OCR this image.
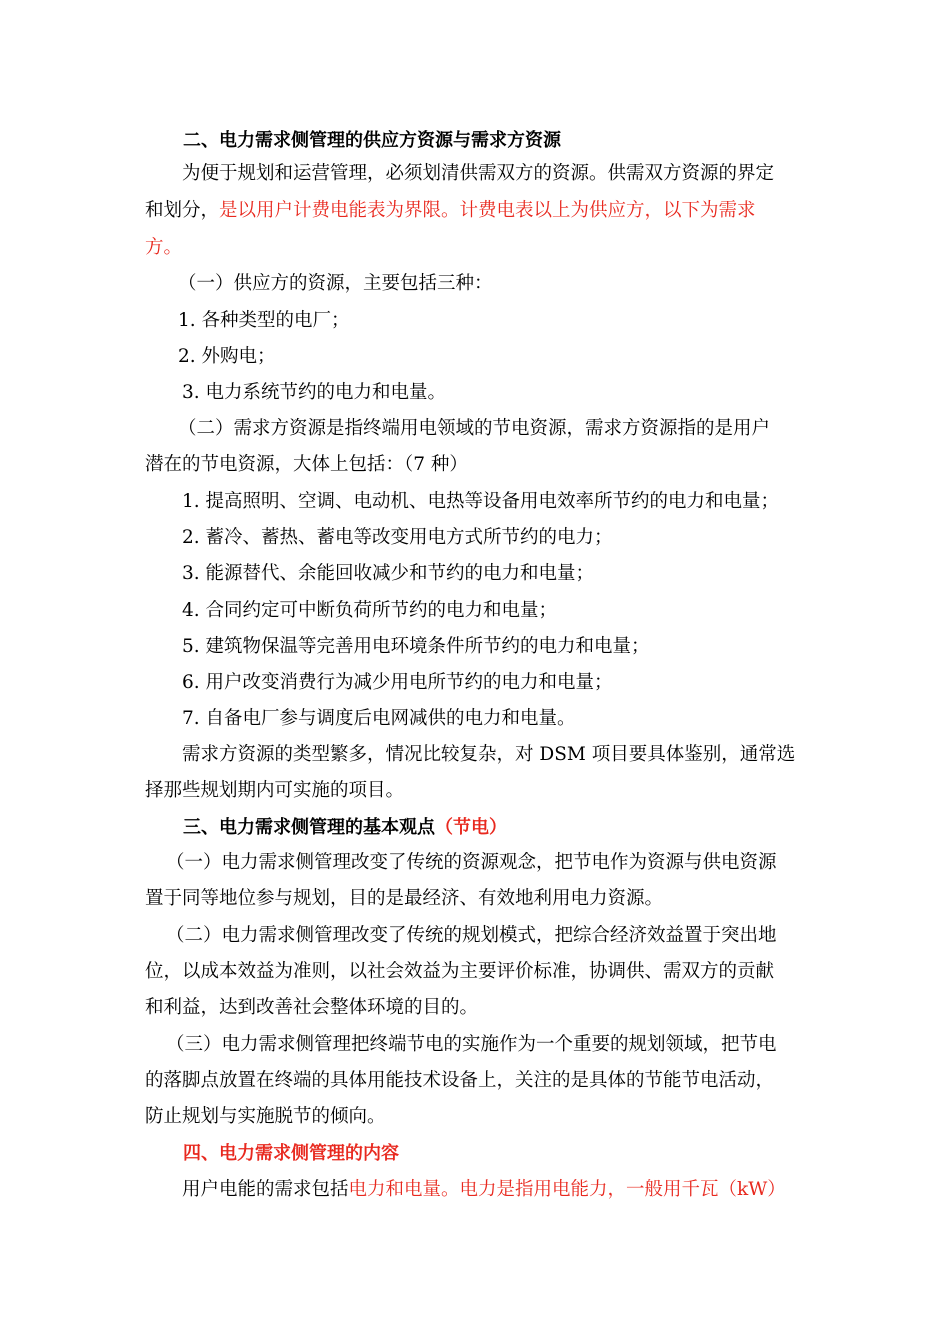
二、电力需求侧管理的供应方资源与需求方资源
为便于规划和运营管理，必须划清供需双方的资源。供需双方资源的界定
和划分，是以用户计费电能表为界限。计费电表以上为供应方，以下为需求
方。
（一）供应方的资源，主要包括三种：
1. 各种类型的电厂；
2. 外购电；
3. 电力系统节约的电力和电量。
（二）需求方资源是指终端用电领域的节电资源，需求方资源指的是用户
潜在的节电资源，大体上包括：（7 种）
1. 提高照明、空调、电动机、电热等设备用电效率所节约的电力和电量；
2. 蓄冷、蓄热、蓄电等改变用电方式所节约的电力；
3. 能源替代、余能回收减少和节约的电力和电量；
4. 合同约定可中断负荷所节约的电力和电量；
5. 建筑物保温等完善用电环境条件所节约的电力和电量；
6. 用户改变消费行为减少用电所节约的电力和电量；
7. 自备电厂参与调度后电网减供的电力和电量。
需求方资源的类型繁多，情况比较复杂，对 DSM 项目要具体鉴别，通常选
择那些规划期内可实施的项目。
三、电力需求侧管理的基本观点（节电）
（一）电力需求侧管理改变了传统的资源观念，把节电作为资源与供电资源
置于同等地位参与规划，目的是最经济、有效地利用电力资源。
（二）电力需求侧管理改变了传统的规划模式，把综合经济效益置于突出地
位，以成本效益为准则，以社会效益为主要评价标准，协调供、需双方的贡献
和利益，达到改善社会整体环境的目的。
（三）电力需求侧管理把终端节电的实施作为一个重要的规划领域，把节电
的落脚点放置在终端的具体用能技术设备上，关注的是具体的节能节电活动，
防止规划与实施脱节的倾向。
四、电力需求侧管理的内容
用户电能的需求包括电力和电量。电力是指用电能力，一般用千瓦（kW）
